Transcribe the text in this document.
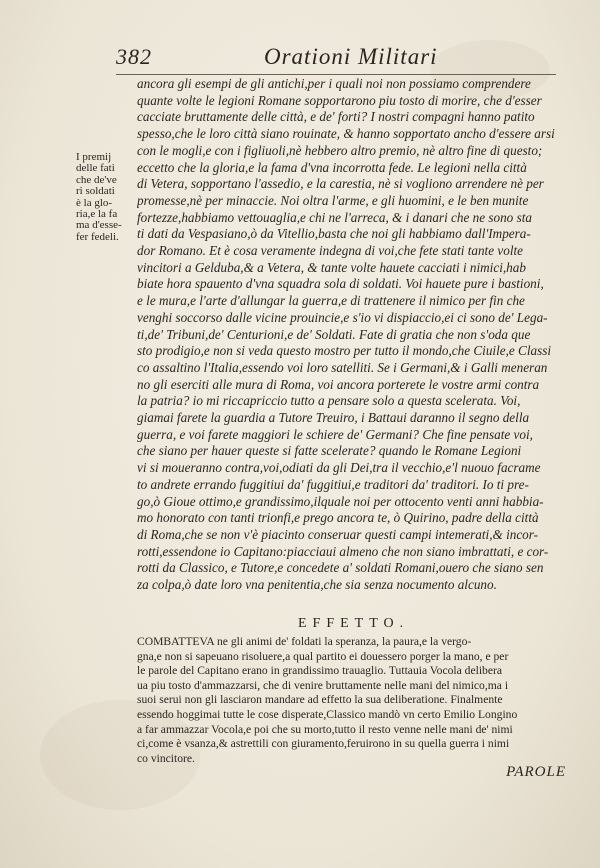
382	Orationi Militari
I premij
delle fati
che de've
ri soldati
è la glo-
ria,e la fa
ma d'esse-
fer fedeli.
ancora gli esempi de gli antichi,per i quali noi non possiamo comprendere
quante volte le legioni Romane sopportarono piu tosto di morire, che d'esser
cacciate bruttamente delle città, e de' forti? I nostri compagni hanno patito
spesso,che le loro città siano rouinate, & hanno sopportato ancho d'essere arsi
con le mogli,e con i figliuoli,nè hebbero altro premio, nè altro fine di questo;
eccetto che la gloria,e la fama d'vna incorrotta fede. Le legioni nella città
di Vetera, sopportano l'assedio, e la carestia, nè si vogliono arrendere nè per
promesse,nè per minaccie. Noi oltra l'arme, e gli huomini, e le ben munite
fortezze,habbiamo vettouaglia,e chi ne l'arreca, & i danari che ne sono sta
ti dati da Vespasiano,ò da Vitellio,basta che noi gli habbiamo dall'Impera-
dor Romano. Et è cosa veramente indegna di voi,che fete stati tante volte
vincitori a Gelduba,& a Vetera, & tante volte hauete cacciati i nimici,hab
biate hora spauento d'vna squadra sola di soldati. Voi hauete pure i bastioni,
e le mura,e l'arte d'allungar la guerra,e di trattenere il nimico per fin che
venghi soccorso dalle vicine prouincie,e s'io vi dispiaccio,ei ci sono de' Lega-
ti,de' Tribuni,de' Centurioni,e de' Soldati. Fate di gratia che non s'oda que
sto prodigio,e non si veda questo mostro per tutto il mondo,che Ciuile,e Classi
co assaltino l'Italia,essendo voi loro satelliti. Se i Germani,& i Galli meneran
no gli eserciti alle mura di Roma, voi ancora porterete le vostre armi contra
la patria? io mi riccapriccio tutto a pensare solo a questa scelerata. Voi,
giamai farete la guardia a Tutore Treuiro, i Battaui daranno il segno della
guerra, e voi farete maggiori le schiere de' Germani? Che fine pensate voi,
che siano per hauer queste si fatte scelerate? quando le Romane Legioni
vi si moueranno contra,voi,odiati da gli Dei,tra il vecchio,e'l nuouo facrame
to andrete errando fuggitiui da' fuggitiui,e traditori da' traditori. Io ti pre-
go,ò Gioue ottimo,e grandissimo,ilquale noi per ottocento venti anni habbia-
mo honorato con tanti trionfi,e prego ancora te, ò Quirino, padre della città
di Roma,che se non v'è piacinto conseruar questi campi intemerati,& incor-
rotti,essendone io Capitano:piacciaui almeno che non siano imbrattati, e cor-
rotti da Classico, e Tutore,e concedete a' soldati Romani,ouero che siano sen
za colpa,ò date loro vna penitentia,che sia senza nocumento alcuno.
EFFETTO.
COMBATTEVA ne gli animi de' foldati la speranza, la paura,e la vergo-
gna,e non si sapeuano risoluere,a qual partito ei douessero porger la mano, e per
le parole del Capitano erano in grandissimo trauaglio. Tuttauia Vocola delibera
ua piu tosto d'ammazzarsi, che di venire bruttamente nelle mani del nimico,ma i
suoi serui non gli lasciaron mandare ad effetto la sua deliberatione. Finalmente
essendo hoggimai tutte le cose disperate,Classico mandò vn certo Emilio Longino
a far ammazzar Vocola,e poi che su morto,tutto il resto venne nelle mani de' nimi
ci,come è vsanza,& astrettili con giuramento,feruirono in su quella guerra i nimi
co vincitore.
PAROLE
